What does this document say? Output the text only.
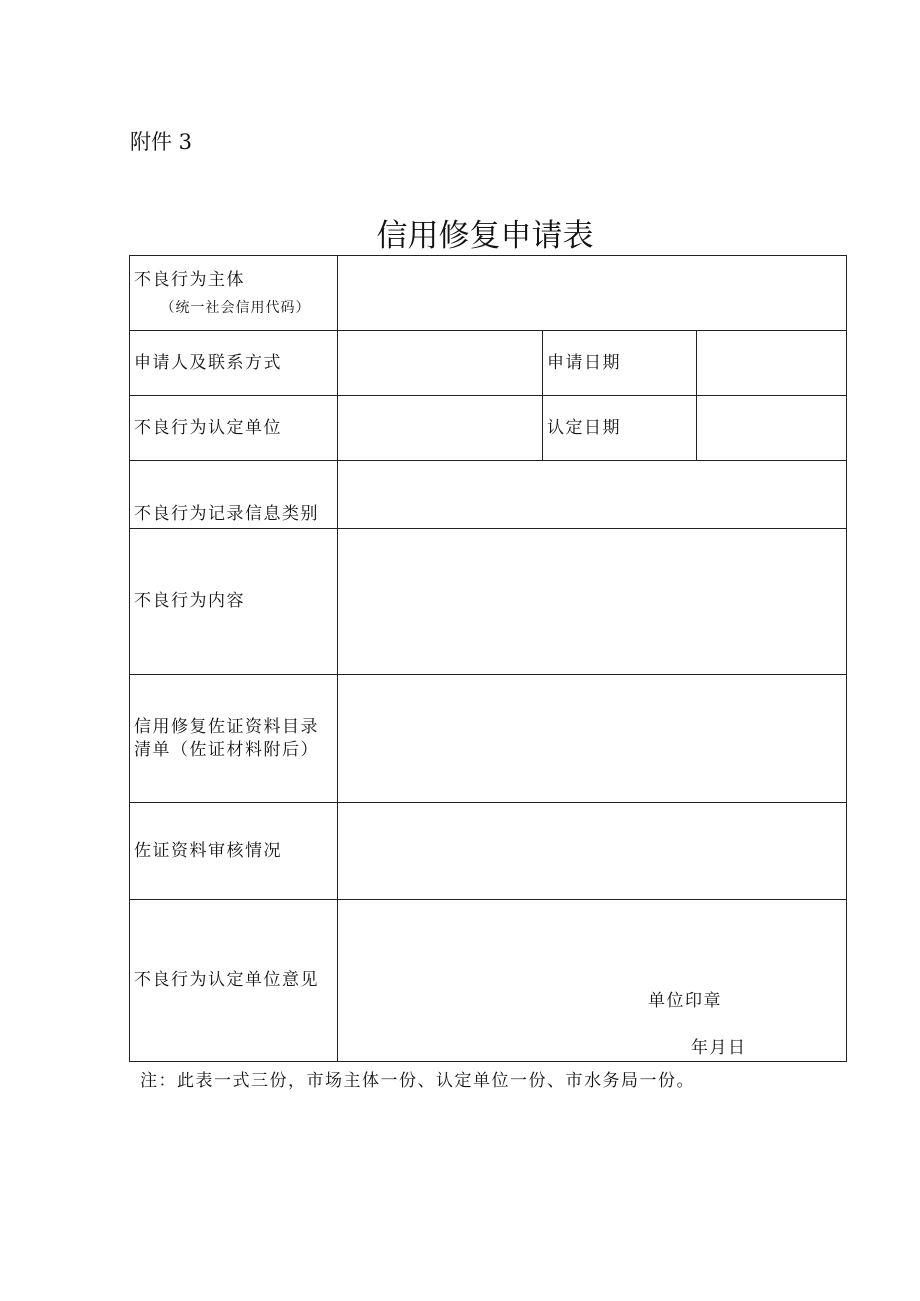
附件 3
信用修复申请表
不良行为主体
（统一社会信用代码）			

申请人及联系方式		申请日期	
不良行为认定单位		认定日期	
不良行为记录信息类别			
不良行为内容			
信用修复佐证资料目录清单（佐证材料附后）			
佐证资料审核情况			
不良行为认定单位意见	单位印章
年月日		
注：此表一式三份，市场主体一份、认定单位一份、市水务局一份。
